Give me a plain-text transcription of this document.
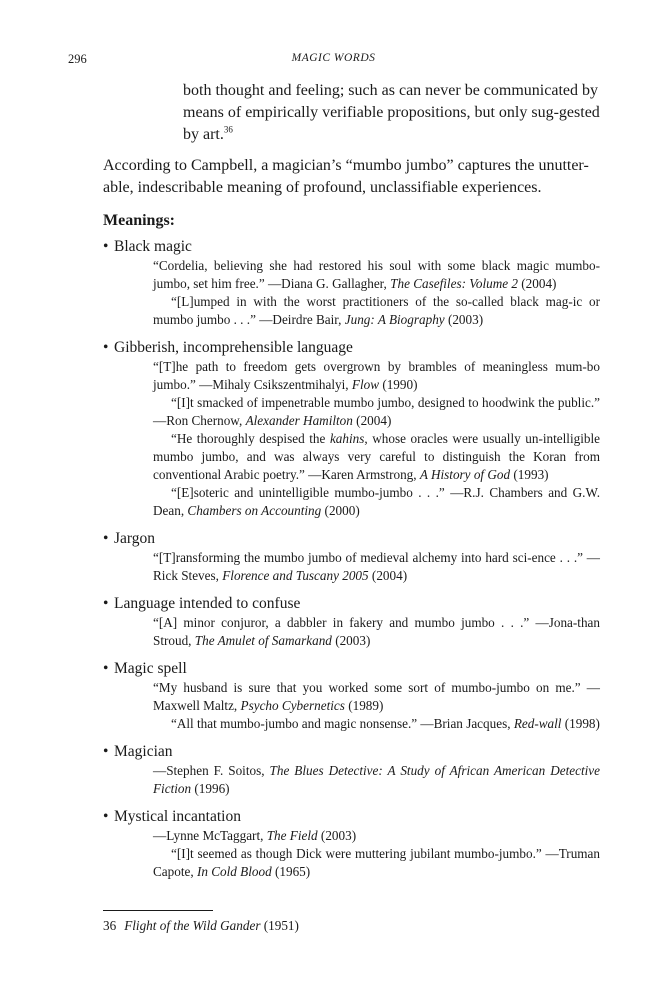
296	MAGIC WORDS
both thought and feeling; such as can never be communicated by means of empirically verifiable propositions, but only sug-gested by art.$^{36}$
According to Campbell, a magician’s “mumbo jumbo” captures the unutter-able, indescribable meaning of profound, unclassifiable experiences.
Meanings:
• Black magic
“Cordelia, believing she had restored his soul with some black magic mumbo-jumbo, set him free.” —Diana G. Gallagher, The Casefiles: Volume 2 (2004)
“[L]umped in with the worst practitioners of the so-called black mag-ic or mumbo jumbo . . .” —Deirdre Bair, Jung: A Biography (2003)
• Gibberish, incomprehensible language
“[T]he path to freedom gets overgrown by brambles of meaningless mum-bo jumbo.” —Mihaly Csikszentmihalyi, Flow (1990)
“[I]t smacked of impenetrable mumbo jumbo, designed to hoodwink the public.” —Ron Chernow, Alexander Hamilton (2004)
“He thoroughly despised the kahins, whose oracles were usually un-intelligible mumbo jumbo, and was always very careful to distinguish the Koran from conventional Arabic poetry.” —Karen Armstrong, A History of God (1993)
“[E]soteric and unintelligible mumbo-jumbo . . .” —R.J. Chambers and G.W. Dean, Chambers on Accounting (2000)
• Jargon
“[T]ransforming the mumbo jumbo of medieval alchemy into hard sci-ence . . .” —Rick Steves, Florence and Tuscany 2005 (2004)
• Language intended to confuse
“[A] minor conjuror, a dabbler in fakery and mumbo jumbo . . .” —Jona-than Stroud, The Amulet of Samarkand (2003)
• Magic spell
“My husband is sure that you worked some sort of mumbo-jumbo on me.” —Maxwell Maltz, Psycho Cybernetics (1989)
“All that mumbo-jumbo and magic nonsense.” —Brian Jacques, Red-wall (1998)
• Magician
—Stephen F. Soitos, The Blues Detective: A Study of African American Detective Fiction (1996)
• Mystical incantation
—Lynne McTaggart, The Field (2003)
“[I]t seemed as though Dick were muttering jubilant mumbo-jumbo.” —Truman Capote, In Cold Blood (1965)
36 Flight of the Wild Gander (1951)
